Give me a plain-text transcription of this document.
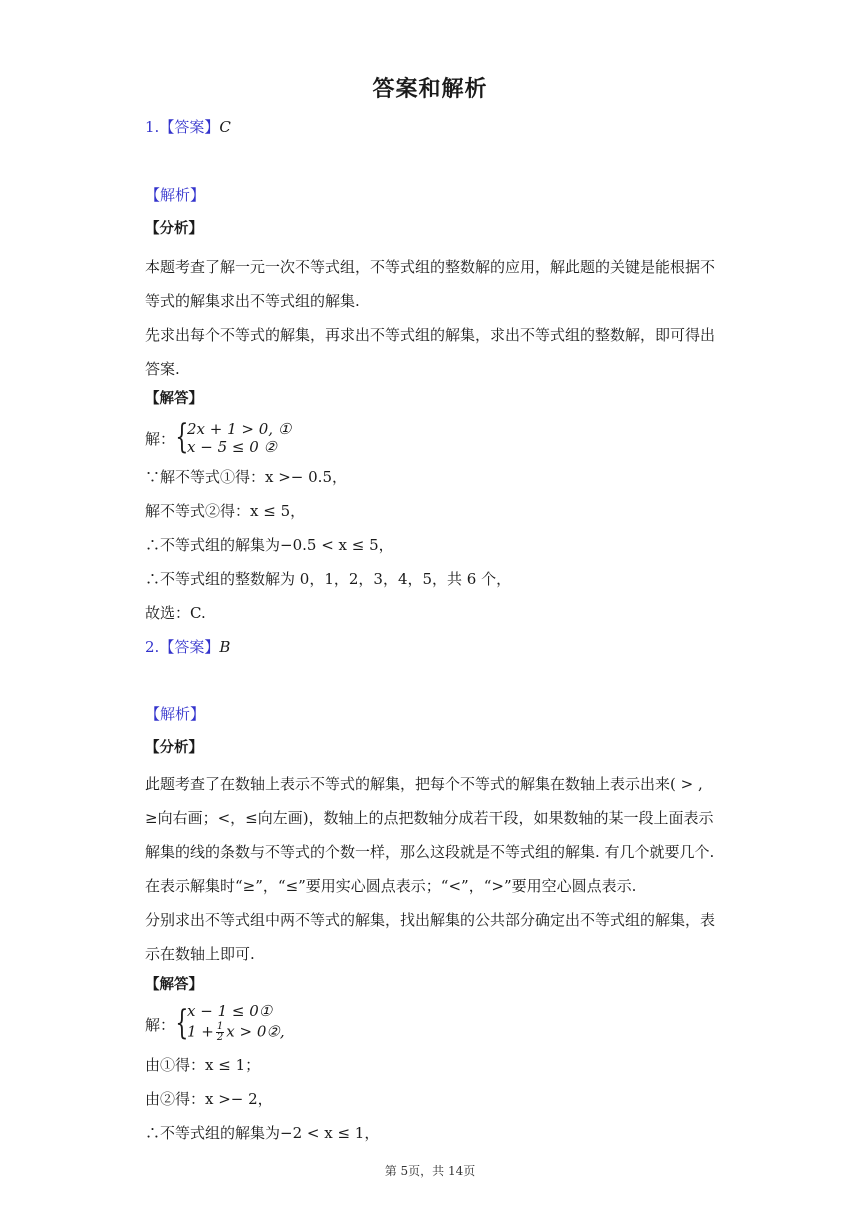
答案和解析
1.【答案】C
【解析】
【分析】
本题考查了解一元一次不等式组，不等式组的整数解的应用，解此题的关键是能根据不等式的解集求出不等式组的解集.
先求出每个不等式的解集，再求出不等式组的解集，求出不等式组的整数解，即可得出答案.
【解答】
解： {
2x + 1 > 0, ①
x − 5 ≤ 0 ②
∵解不等式①得：x >− 0.5，
解不等式②得：x ≤ 5，
∴不等式组的解集为−0.5 < x ≤ 5，
∴不等式组的整数解为 0，1，2，3，4，5，共 6 个，
故选：C.
2.【答案】B
【解析】
【分析】
此题考查了在数轴上表示不等式的解集，把每个不等式的解集在数轴上表示出来( > , ≥向右画；<，≤向左画)，数轴上的点把数轴分成若干段，如果数轴的某一段上面表示解集的线的条数与不等式的个数一样，那么这段就是不等式组的解集. 有几个就要几个. 在表示解集时“≥”，“≤”要用实心圆点表示；“<”，“>”要用空心圆点表示.
分别求出不等式组中两不等式的解集，找出解集的公共部分确定出不等式组的解集，表示在数轴上即可.
【解答】
解： {
x − 1 ≤ 0①
$1 + \frac{1}{2}$ x > 0②,
由①得：x ≤ 1；
由②得：x >− 2，
∴不等式组的解集为−2 < x ≤ 1，
第 5页，共 14页
